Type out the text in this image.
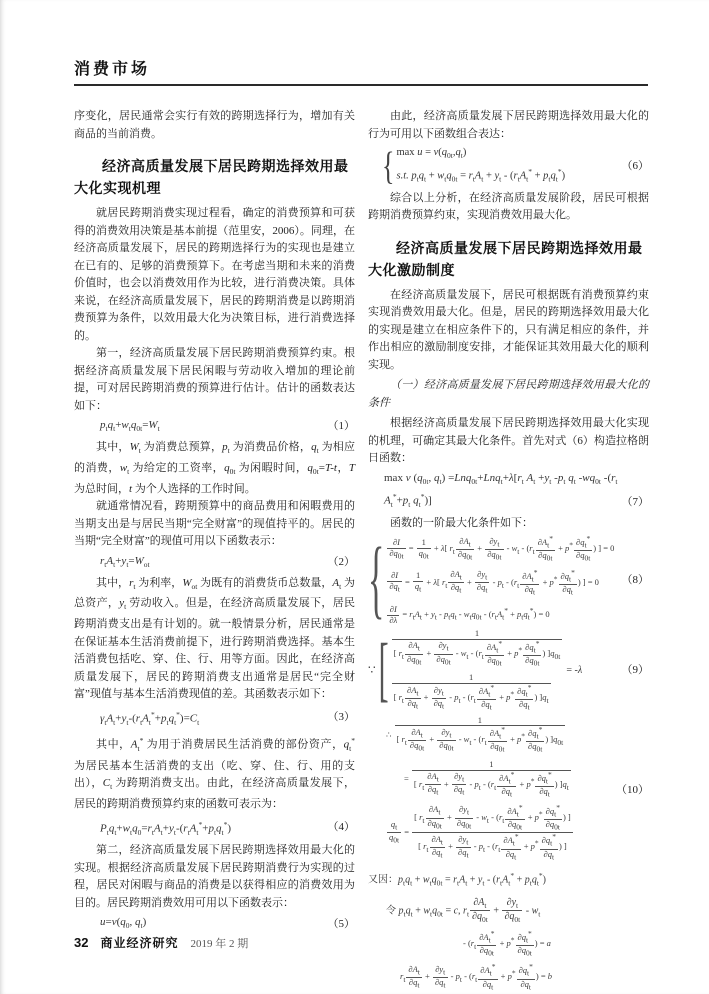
消费市场

序变化，居民通常会实行有效的跨期选择行为，增加有关商品的当前消费。

经济高质量发展下居民跨期选择效用最大化实现机理

就居民跨期消费实现过程看，确定的消费预算和可获得的消费效用决策是基本前提（范里安，2006）。同理，在经济高质量发展下，居民的跨期选择行为的实现也是建立在已有的、足够的消费预算下。在考虑当期和未来的消费价值时，也会以消费效用作为比较，进行消费决策。具体来说，在经济高质量发展下，居民的跨期消费是以跨期消费预算为条件，以效用最大化为决策目标，进行消费选择的。

第一，经济高质量发展下居民跨期消费预算约束。根据经济高质量发展下居民闲暇与劳动收入增加的理论前提，可对居民跨期消费的预算进行估计。估计的函数表达如下：

$p_tq_t+w_tq_{0t}=W_t$	（1）

其中，$W_t$ 为消费总预算，$p_t$ 为消费品价格，$q_t$ 为相应的消费，$w_t$ 为给定的工资率，$q_{0t}$ 为闲暇时间，$q_{0t}=T-t$，T 为总时间，t 为个人选择的工作时间。

就通常情况看，跨期预算中的商品费用和闲暇费用的当期支出是与居民当期“完全财富”的现值持平的。居民的当期“完全财富”的现值可用以下函数表示：

$r_tA_t+y_t=W_{ot}$	（2）

其中，$r_t$ 为利率，$W_{ot}$ 为既有的消费货币总数量，$A_t$ 为总资产，$y_t$ 劳动收入。但是，在经济高质量发展下，居民跨期消费支出是有计划的。就一般情景分析，居民通常是在保证基本生活消费前提下，进行跨期消费选择。基本生活消费包括吃、穿、住、行、用等方面。因此，在经济高质量发展下，居民的跨期消费支出通常是居民“完全财富”现值与基本生活消费现值的差。其函数表示如下：

$\gamma_tA_t+y_t-(r_tA_t^*+p_tq_t^*)=C_t$	（3）

其中，$A_t^*$ 为用于消费居民生活消费的部份资产，$q_t^*$ 为居民基本生活消费的支出（吃、穿、住、行、用的支出），$C_t$ 为跨期消费支出。由此，在经济高质量发展下，居民的跨期消费预算约束的函数可表示为：

$P_tq_t+w_tq_0=r_tA_t+y_t-(r_tA_t^*+p_tq_t^*)$	（4）

第二，经济高质量发展下居民跨期选择效用最大化的实现。根据经济高质量发展下居民跨期消费行为实现的过程，居民对闲暇与商品的消费是以获得相应的消费效用为目的。居民跨期消费效用可用以下函数表示：

$u=v(q_0$, $q_t$)	（5）

由此，经济高质量发展下居民跨期选择效用最大化的行为可用以下函数组合表达：

{ $\max u = v(q_{0t},q_t)$
s.t. $p_tq_t + w_tq_{0t} = r_tA_t + y_t - (r_tA_t^* + p_tq_t^*)$
（6）

综合以上分析，在经济高质量发展阶段，居民可根据跨期消费预算约束，实现消费效用最大化。

经济高质量发展下居民跨期选择效用最大化激励制度

在经济高质量发展下，居民可根据既有消费预算约束实现消费效用最大化。但是，居民的跨期选择效用最大化的实现是建立在相应条件下的，只有满足相应的条件，并作出相应的激励制度安排，才能保证其效用最大化的顺利实现。

（一）经济高质量发展下居民跨期选择效用最大化的条件

根据经济高质量发展下居民跨期选择效用最大化实现的机理，可确定其最大化条件。首先对式（6）构造拉格朗日函数：

max v ($q_{0t}$, $q_t) =Lnq_{0t}+Lnq_t+\lambda[r_t$ $A_t +y_t$ $-p_t$ $q_t$ $-wq_{0t}$ $-(r_t$ $A_t^*+p_t$ $q_t^*$)]	（7）

函数的一阶最大化条件如下：

{ $\frac{\partial I}{\partial q_{0t}} = \frac{1}{q_{0t}} + \lambda$[ $r_t \frac{\partial A_t}{\partial q_{0t}} + \frac{\partial y_t}{\partial q_{0t}} - w_t - (r_t \frac{\partial A_t^*}{\partial q_{0t}} + p^* \frac{\partial q_t^*}{\partial q_{0t}}$ ) ] = 0
$\frac{\partial I}{\partial q_t} = \frac{1}{q_t} + \lambda$[ $r_t \frac{\partial A_t}{\partial q_t} + \frac{\partial y_t}{\partial q_t} - p_t - (r_t \frac{\partial A_t^*}{\partial q_t} + p^* \frac{\partial q_t^*}{\partial q_t}$ ) ] = 0
$\frac{\partial I}{\partial\lambda} = r_tA_t + y_t - p_tq_t - w_tq_{0t} - (r_tA_t^* + p_tq_t^*) = 0$
（8）
∵ [ $\frac{1}{[ r_t \frac{\partial A_t}{\partial q_{0t}} + \frac{\partial y_t}{\partial q_{0t}} - w_t - (r_t \frac{\partial A_t^*}{\partial q_{0t}} + p^* \frac{\partial q_t^*}{\partial q_{0t}} ) ]q_{0t}}$
$\frac{1}{[ r_t \frac{\partial A_t}{\partial q_t} + \frac{\partial y_t}{\partial q_t} - p_t - (r_t \frac{\partial A_t^*}{\partial q_t} + p^* \frac{\partial q_t^*}{\partial q_t} ) ]q_t}$
= -λ	（9）
∴ $\frac{1}{[ r_t \frac{\partial A_t}{\partial q_{0t}} + \frac{\partial y_t}{\partial q_{0t}} - w_t - (r_t \frac{\partial A_t^*}{\partial q_{0t}} + p^* \frac{\partial q_t^*}{\partial q_{0t}} ) ]q_{0t}}$
= $\frac{1}{[ r_t \frac{\partial A_t}{\partial q_t} + \frac{\partial y_t}{\partial q_t} - p_t - (r_t \frac{\partial A_t^*}{\partial q_t} + p^* \frac{\partial q_t^*}{\partial q_t} ) ]q_t}$	（10）
$\frac{q_t}{q_{0t}} = \frac{[ r_t \frac{\partial A_t}{\partial q_{0t}} + \frac{\partial y_t}{\partial q_{0t}} - w_t - (r_t \frac{\partial A_t^*}{\partial q_{0t}} + p^* \frac{\partial q_t^*}{\partial q_{0t}} ) ]}{[ r_t \frac{\partial A_t}{\partial q_t} + \frac{\partial y_t}{\partial q_t} - p_t - (r_t \frac{\partial A_t^*}{\partial q_t} + p^* \frac{\partial q_t^*}{\partial q_t} ) ]}$
又因：$p_tq_t + w_tq_{0t} = r_tA_t + y_t - (r_tA_t^* + p_tq_t^*)$
令 $p_tq_t + w_tq_{0t} = c$, $r_t \frac{\partial A_t}{\partial q_{0t}} + \frac{\partial y_t}{\partial q_{0t}} - w_t$
- ($r_t \frac{\partial A_t^*}{\partial q_{0t}} + p^* \frac{\partial q_t^*}{\partial q_{0t}}$ ) = a
$r_t \frac{\partial A_t}{\partial q_t} + \frac{\partial y_t}{\partial q_t} - p_t - (r_t \frac{\partial A_t^*}{\partial q_t} + p^* \frac{\partial q_t^*}{\partial q_t}$ ) = b
32 商业经济研究 2019 年 2 期
